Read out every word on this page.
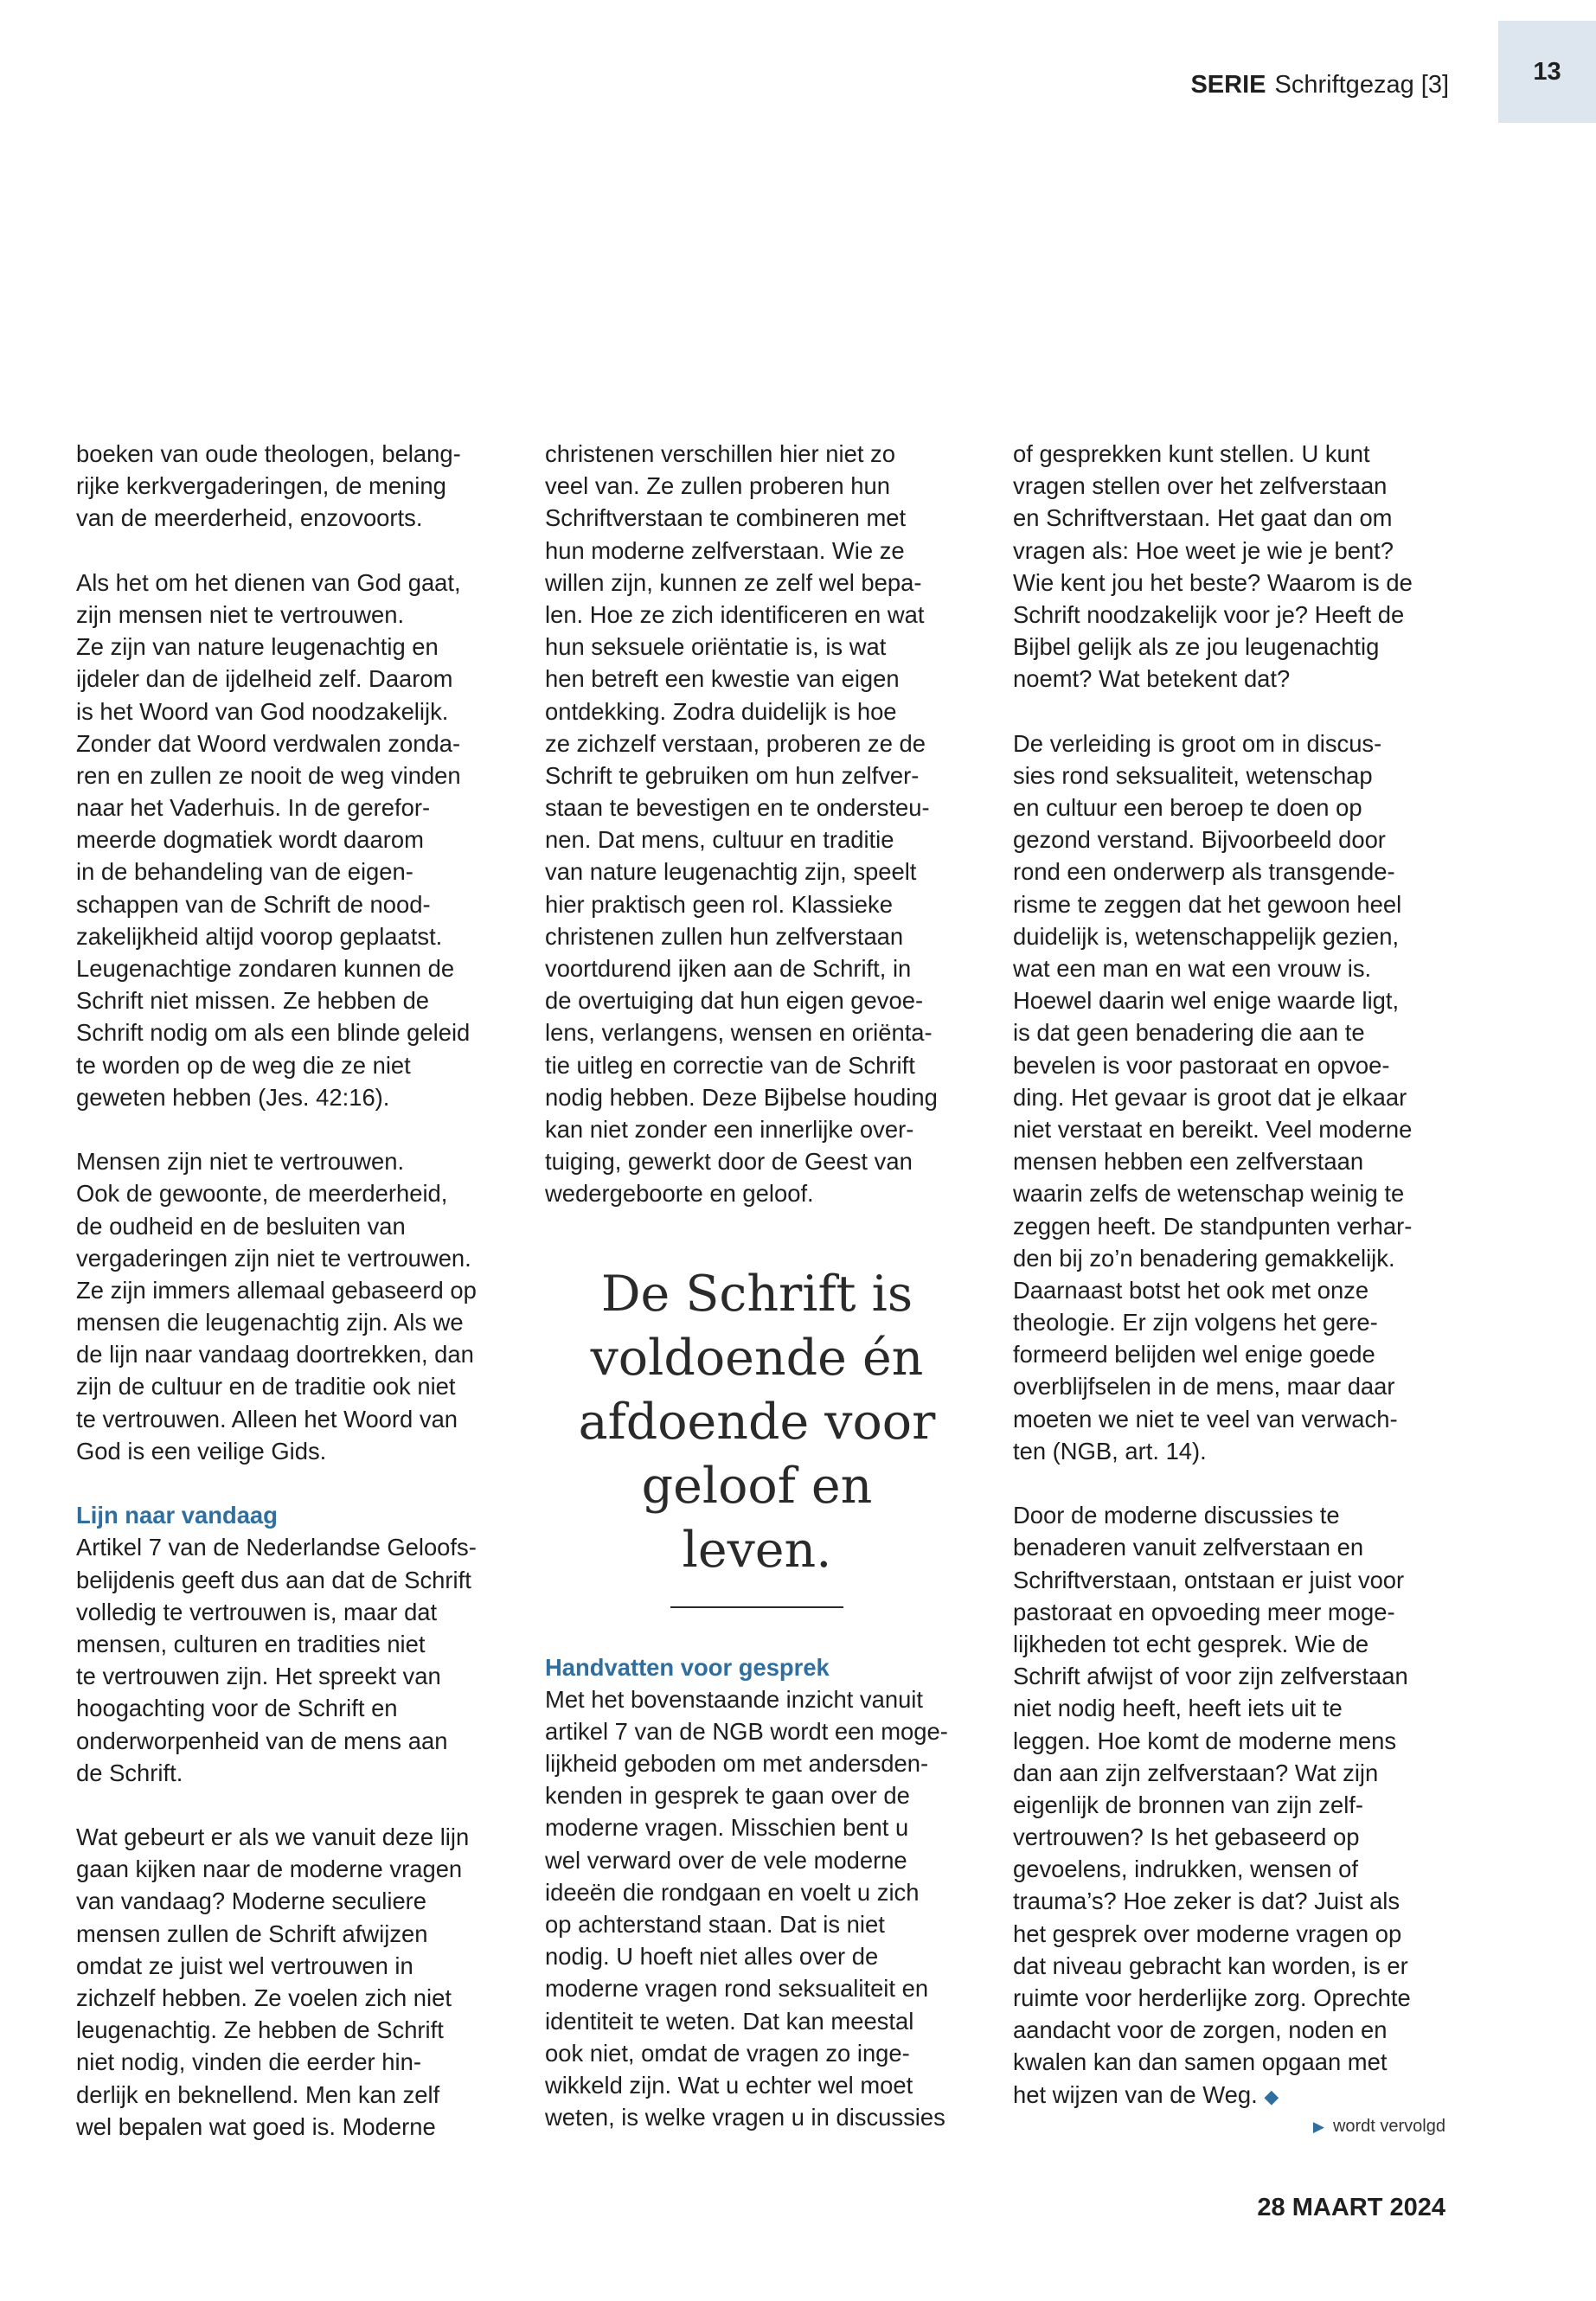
SERIE Schriftgezag [3]	13
boeken van oude theologen, belang-
rijke kerkvergaderingen, de mening
van de meerderheid, enzovoorts.
Als het om het dienen van God gaat,
zijn mensen niet te vertrouwen.
Ze zijn van nature leugenachtig en
ijdeler dan de ijdelheid zelf. Daarom
is het Woord van God noodzakelijk.
Zonder dat Woord verdwalen zonda-
ren en zullen ze nooit de weg vinden
naar het Vaderhuis. In de gerefor-
meerde dogmatiek wordt daarom
in de behandeling van de eigen-
schappen van de Schrift de nood-
zakelijkheid altijd voorop geplaatst.
Leugenachtige zondaren kunnen de
Schrift niet missen. Ze hebben de
Schrift nodig om als een blinde geleid
te worden op de weg die ze niet
geweten hebben (Jes. 42:16).
Mensen zijn niet te vertrouwen.
Ook de gewoonte, de meerderheid,
de oudheid en de besluiten van
vergaderingen zijn niet te vertrouwen.
Ze zijn immers allemaal gebaseerd op
mensen die leugenachtig zijn. Als we
de lijn naar vandaag doortrekken, dan
zijn de cultuur en de traditie ook niet
te vertrouwen. Alleen het Woord van
God is een veilige Gids.
Lijn naar vandaag
Artikel 7 van de Nederlandse Geloofs-
belijdenis geeft dus aan dat de Schrift
volledig te vertrouwen is, maar dat
mensen, culturen en tradities niet
te vertrouwen zijn. Het spreekt van
hoogachting voor de Schrift en
onderworpenheid van de mens aan
de Schrift.
Wat gebeurt er als we vanuit deze lijn
gaan kijken naar de moderne vragen
van vandaag? Moderne seculiere
mensen zullen de Schrift afwijzen
omdat ze juist wel vertrouwen in
zichzelf hebben. Ze voelen zich niet
leugenachtig. Ze hebben de Schrift
niet nodig, vinden die eerder hin-
derlijk en beknellend. Men kan zelf
wel bepalen wat goed is. Moderne
christenen verschillen hier niet zo
veel van. Ze zullen proberen hun
Schriftverstaan te combineren met
hun moderne zelfverstaan. Wie ze
willen zijn, kunnen ze zelf wel bepa-
len. Hoe ze zich identificeren en wat
hun seksuele oriëntatie is, is wat
hen betreft een kwestie van eigen
ontdekking. Zodra duidelijk is hoe
ze zichzelf verstaan, proberen ze de
Schrift te gebruiken om hun zelfver-
staan te bevestigen en te ondersteu-
nen. Dat mens, cultuur en traditie
van nature leugenachtig zijn, speelt
hier praktisch geen rol. Klassieke
christenen zullen hun zelfverstaan
voortdurend ijken aan de Schrift, in
de overtuiging dat hun eigen gevoe-
lens, verlangens, wensen en oriënta-
tie uitleg en correctie van de Schrift
nodig hebben. Deze Bijbelse houding
kan niet zonder een innerlijke over-
tuiging, gewerkt door de Geest van
wedergeboorte en geloof.
De Schrift is
voldoende én
afdoende voor
geloof en
leven.
Handvatten voor gesprek
Met het bovenstaande inzicht vanuit
artikel 7 van de NGB wordt een moge-
lijkheid geboden om met andersden-
kenden in gesprek te gaan over de
moderne vragen. Misschien bent u
wel verward over de vele moderne
ideeën die rondgaan en voelt u zich
op achterstand staan. Dat is niet
nodig. U hoeft niet alles over de
moderne vragen rond seksualiteit en
identiteit te weten. Dat kan meestal
ook niet, omdat de vragen zo inge-
wikkeld zijn. Wat u echter wel moet
weten, is welke vragen u in discussies
of gesprekken kunt stellen. U kunt
vragen stellen over het zelfverstaan
en Schriftverstaan. Het gaat dan om
vragen als: Hoe weet je wie je bent?
Wie kent jou het beste? Waarom is de
Schrift noodzakelijk voor je? Heeft de
Bijbel gelijk als ze jou leugenachtig
noemt? Wat betekent dat?
De verleiding is groot om in discus-
sies rond seksualiteit, wetenschap
en cultuur een beroep te doen op
gezond verstand. Bijvoorbeeld door
rond een onderwerp als transgende-
risme te zeggen dat het gewoon heel
duidelijk is, wetenschappelijk gezien,
wat een man en wat een vrouw is.
Hoewel daarin wel enige waarde ligt,
is dat geen benadering die aan te
bevelen is voor pastoraat en opvoe-
ding. Het gevaar is groot dat je elkaar
niet verstaat en bereikt. Veel moderne
mensen hebben een zelfverstaan
waarin zelfs de wetenschap weinig te
zeggen heeft. De standpunten verhar-
den bij zo’n benadering gemakkelijk.
Daarnaast botst het ook met onze
theologie. Er zijn volgens het gere-
formeerd belijden wel enige goede
overblijfselen in de mens, maar daar
moeten we niet te veel van verwach-
ten (NGB, art. 14).
Door de moderne discussies te
benaderen vanuit zelfverstaan en
Schriftverstaan, ontstaan er juist voor
pastoraat en opvoeding meer moge-
lijkheden tot echt gesprek. Wie de
Schrift afwijst of voor zijn zelfverstaan
niet nodig heeft, heeft iets uit te
leggen. Hoe komt de moderne mens
dan aan zijn zelfverstaan? Wat zijn
eigenlijk de bronnen van zijn zelf-
vertrouwen? Is het gebaseerd op
gevoelens, indrukken, wensen of
trauma’s? Hoe zeker is dat? Juist als
het gesprek over moderne vragen op
dat niveau gebracht kan worden, is er
ruimte voor herderlijke zorg. Oprechte
aandacht voor de zorgen, noden en
kwalen kan dan samen opgaan met
het wijzen van de Weg. ◆
▶ wordt vervolgd
28 MAART 2024
